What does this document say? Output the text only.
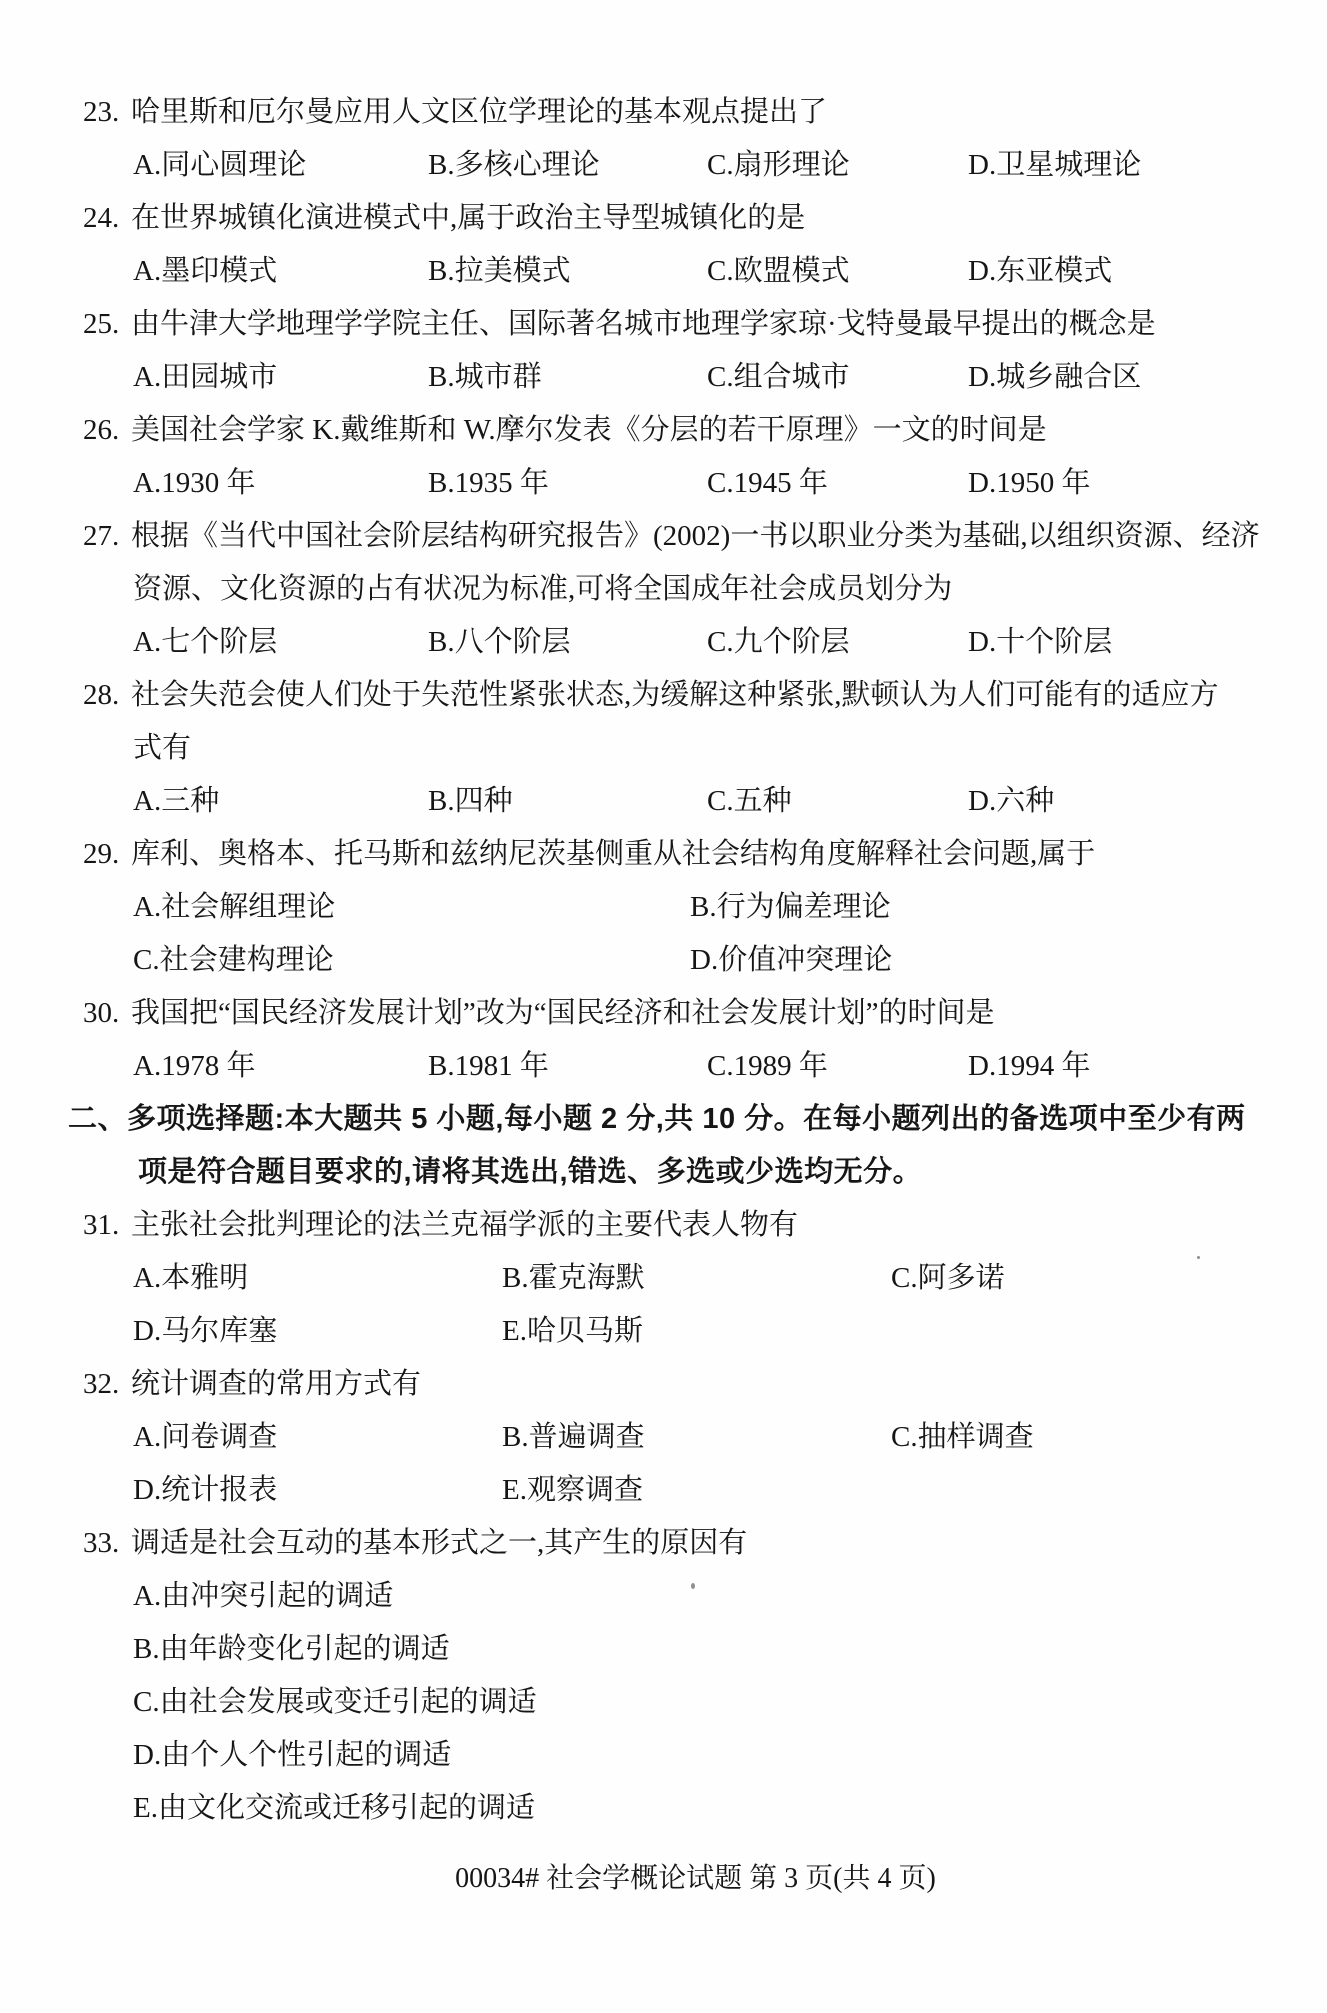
23. 哈里斯和厄尔曼应用人文区位学理论的基本观点提出了
A.同心圆理论	B.多核心理论	C.扇形理论	D.卫星城理论
24. 在世界城镇化演进模式中,属于政治主导型城镇化的是
A.墨印模式	B.拉美模式	C.欧盟模式	D.东亚模式
25. 由牛津大学地理学学院主任、国际著名城市地理学家琼·戈特曼最早提出的概念是
A.田园城市	B.城市群	C.组合城市	D.城乡融合区
26. 美国社会学家 K.戴维斯和 W.摩尔发表《分层的若干原理》一文的时间是
A.1930 年	B.1935 年	C.1945 年	D.1950 年
27. 根据《当代中国社会阶层结构研究报告》(2002)一书以职业分类为基础,以组织资源、经济
资源、文化资源的占有状况为标准,可将全国成年社会成员划分为
A.七个阶层	B.八个阶层	C.九个阶层	D.十个阶层
28. 社会失范会使人们处于失范性紧张状态,为缓解这种紧张,默顿认为人们可能有的适应方
式有
A.三种	B.四种	C.五种	D.六种
29. 库利、奥格本、托马斯和兹纳尼茨基侧重从社会结构角度解释社会问题,属于
A.社会解组理论	B.行为偏差理论
C.社会建构理论	D.价值冲突理论
30. 我国把“国民经济发展计划”改为“国民经济和社会发展计划”的时间是
A.1978 年	B.1981 年	C.1989 年	D.1994 年
二、多项选择题:本大题共 5 小题,每小题 2 分,共 10 分。在每小题列出的备选项中至少有两
项是符合题目要求的,请将其选出,错选、多选或少选均无分。
31. 主张社会批判理论的法兰克福学派的主要代表人物有
A.本雅明	B.霍克海默	C.阿多诺
D.马尔库塞	E.哈贝马斯
32. 统计调查的常用方式有
A.问卷调查	B.普遍调查	C.抽样调查
D.统计报表	E.观察调查
33. 调适是社会互动的基本形式之一,其产生的原因有
A.由冲突引起的调适
B.由年龄变化引起的调适
C.由社会发展或变迁引起的调适
D.由个人个性引起的调适
E.由文化交流或迁移引起的调适
00034# 社会学概论试题 第 3 页(共 4 页)
